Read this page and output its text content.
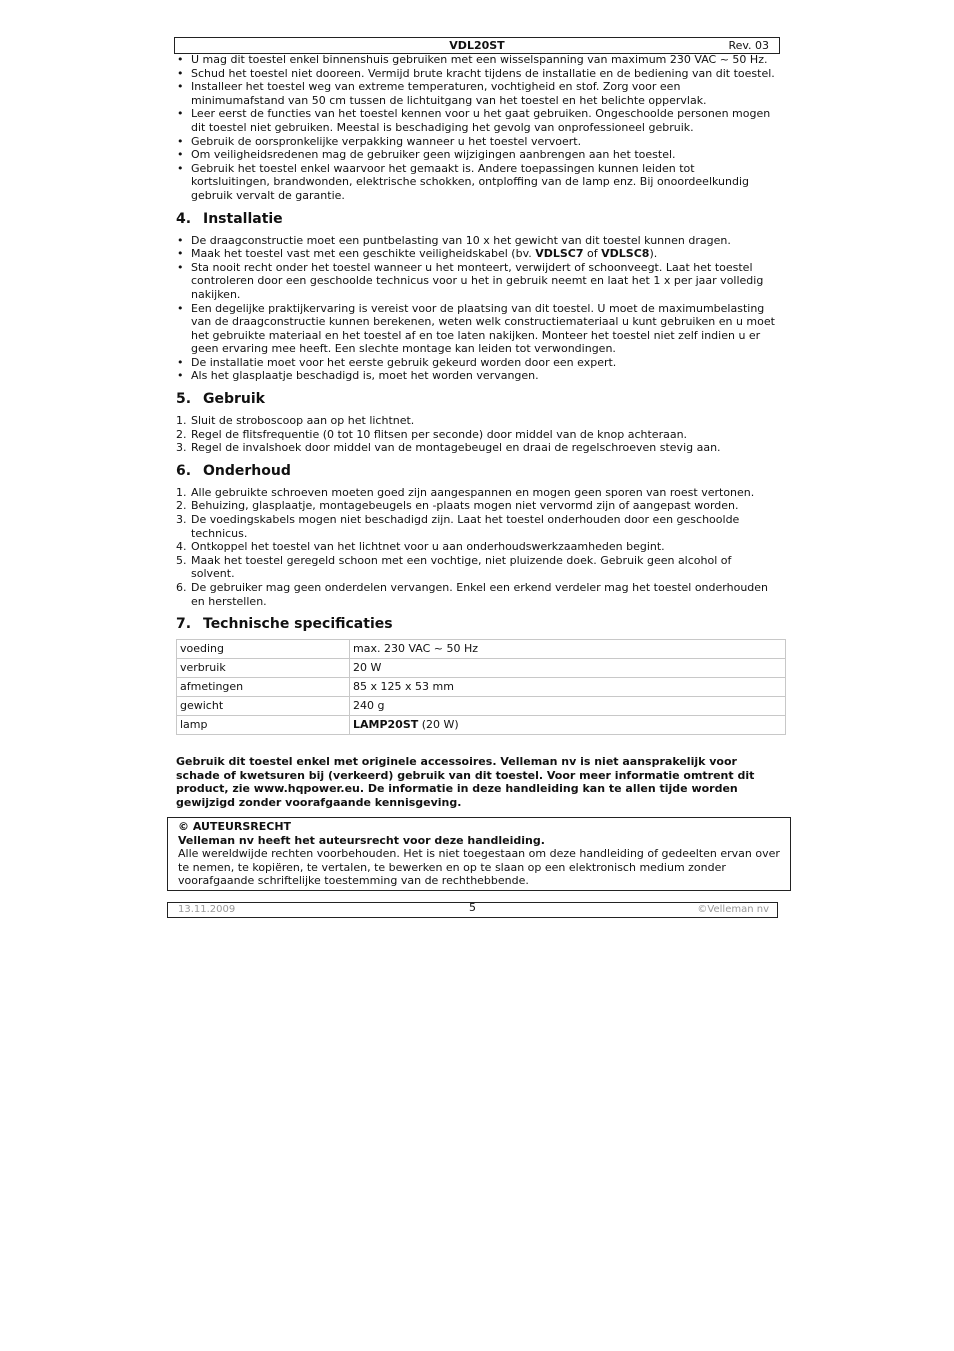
VDL20ST	Rev. 03
• U mag dit toestel enkel binnenshuis gebruiken met een wisselspanning van maximum 230 VAC ~ 50 Hz.
• Schud het toestel niet dooreen. Vermijd brute kracht tijdens de installatie en de bediening van dit toestel.
• Installeer het toestel weg van extreme temperaturen, vochtigheid en stof. Zorg voor een minimumafstand van 50 cm tussen de lichtuitgang van het toestel en het belichte oppervlak.
• Leer eerst de functies van het toestel kennen voor u het gaat gebruiken. Ongeschoolde personen mogen dit toestel niet gebruiken. Meestal is beschadiging het gevolg van onprofessioneel gebruik.
• Gebruik de oorspronkelijke verpakking wanneer u het toestel vervoert.
• Om veiligheidsredenen mag de gebruiker geen wijzigingen aanbrengen aan het toestel.
• Gebruik het toestel enkel waarvoor het gemaakt is. Andere toepassingen kunnen leiden tot kortsluitingen, brandwonden, elektrische schokken, ontploffing van de lamp enz. Bij onoordeelkundig gebruik vervalt de garantie.
4. Installatie
• De draagconstructie moet een puntbelasting van 10 x het gewicht van dit toestel kunnen dragen.
• Maak het toestel vast met een geschikte veiligheidskabel (bv. VDLSC7 of VDLSC8).
• Sta nooit recht onder het toestel wanneer u het monteert, verwijdert of schoonveegt. Laat het toestel controleren door een geschoolde technicus voor u het in gebruik neemt en laat het 1 x per jaar volledig nakijken.
• Een degelijke praktijkervaring is vereist voor de plaatsing van dit toestel. U moet de maximumbelasting van de draagconstructie kunnen berekenen, weten welk constructiemateriaal u kunt gebruiken en u moet het gebruikte materiaal en het toestel af en toe laten nakijken. Monteer het toestel niet zelf indien u er geen ervaring mee heeft. Een slechte montage kan leiden tot verwondingen.
• De installatie moet voor het eerste gebruik gekeurd worden door een expert.
• Als het glasplaatje beschadigd is, moet het worden vervangen.
5. Gebruik
1. Sluit de stroboscoop aan op het lichtnet.
2. Regel de flitsfrequentie (0 tot 10 flitsen per seconde) door middel van de knop achteraan.
3. Regel de invalshoek door middel van de montagebeugel en draai de regelschroeven stevig aan.
6. Onderhoud
1. Alle gebruikte schroeven moeten goed zijn aangespannen en mogen geen sporen van roest vertonen.
2. Behuizing, glasplaatje, montagebeugels en -plaats mogen niet vervormd zijn of aangepast worden.
3. De voedingskabels mogen niet beschadigd zijn. Laat het toestel onderhouden door een geschoolde technicus.
4. Ontkoppel het toestel van het lichtnet voor u aan onderhoudswerkzaamheden begint.
5. Maak het toestel geregeld schoon met een vochtige, niet pluizende doek. Gebruik geen alcohol of solvent.
6. De gebruiker mag geen onderdelen vervangen. Enkel een erkend verdeler mag het toestel onderhouden en herstellen.
7. Technische specificaties
voeding	max. 230 VAC ~ 50 Hz
verbruik	20 W
afmetingen	85 x 125 x 53 mm
gewicht	240 g
lamp	LAMP20ST (20 W)
Gebruik dit toestel enkel met originele accessoires. Velleman nv is niet aansprakelijk voor schade of kwetsuren bij (verkeerd) gebruik van dit toestel. Voor meer informatie omtrent dit product, zie www.hqpower.eu. De informatie in deze handleiding kan te allen tijde worden gewijzigd zonder voorafgaande kennisgeving.
© AUTEURSRECHT
Velleman nv heeft het auteursrecht voor deze handleiding.
Alle wereldwijde rechten voorbehouden. Het is niet toegestaan om deze handleiding of gedeelten ervan over te nemen, te kopiëren, te vertalen, te bewerken en op te slaan op een elektronisch medium zonder voorafgaande schriftelijke toestemming van de rechthebbende.
13.11.2009	5	©Velleman nv
